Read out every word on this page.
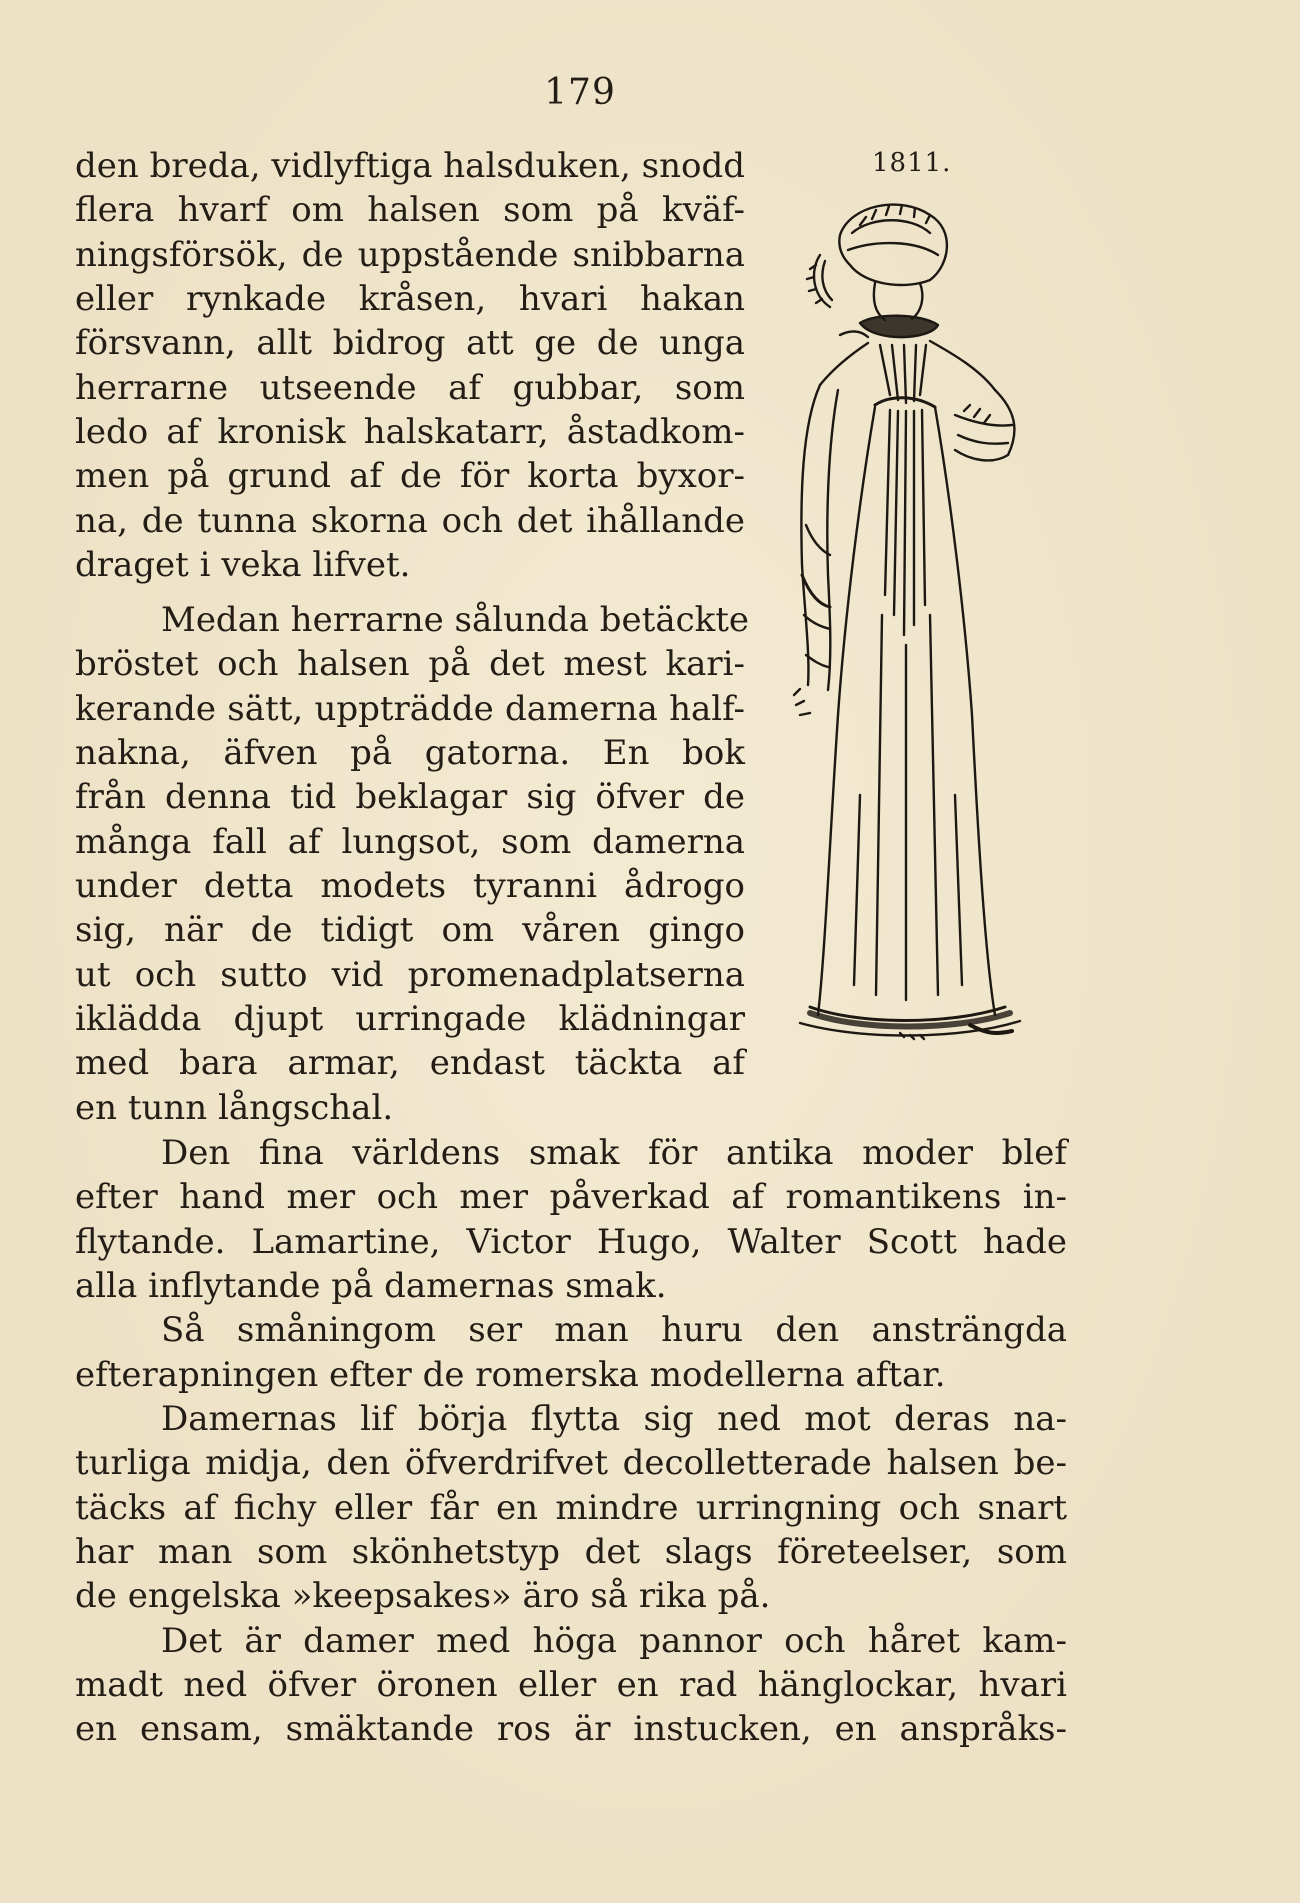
179
1811.
den breda, vidlyftiga halsduken, snodd
flera hvarf om halsen som på kväf-
ningsförsök, de uppstående snibbarna
eller rynkade kråsen, hvari hakan
försvann, allt bidrog att ge de unga
herrarne utseende af gubbar, som
ledo af kronisk halskatarr, åstadkom-
men på grund af de för korta byxor-
na, de tunna skorna och det ihållande
draget i veka lifvet.
Medan herrarne sålunda betäckte
bröstet och halsen på det mest kari-
kerande sätt, uppträdde damerna half-
nakna, äfven på gatorna. En bok
från denna tid beklagar sig öfver de
många fall af lungsot, som damerna
under detta modets tyranni ådrogo
sig, när de tidigt om våren gingo
ut och sutto vid promenadplatserna
iklädda djupt urringade klädningar
med bara armar, endast täckta af
en tunn långschal.
Den fina världens smak för antika moder blef
efter hand mer och mer påverkad af romantikens in-
flytande. Lamartine, Victor Hugo, Walter Scott hade
alla inflytande på damernas smak.
Så småningom ser man huru den ansträngda
efterapningen efter de romerska modellerna aftar.
Damernas lif börja flytta sig ned mot deras na-
turliga midja, den öfverdrifvet decolletterade halsen be-
täcks af fichy eller får en mindre urringning och snart
har man som skönhetstyp det slags företeelser, som
de engelska »keepsakes» äro så rika på.
Det är damer med höga pannor och håret kam-
madt ned öfver öronen eller en rad hänglockar, hvari
en ensam, smäktande ros är instucken, en anspråks-
